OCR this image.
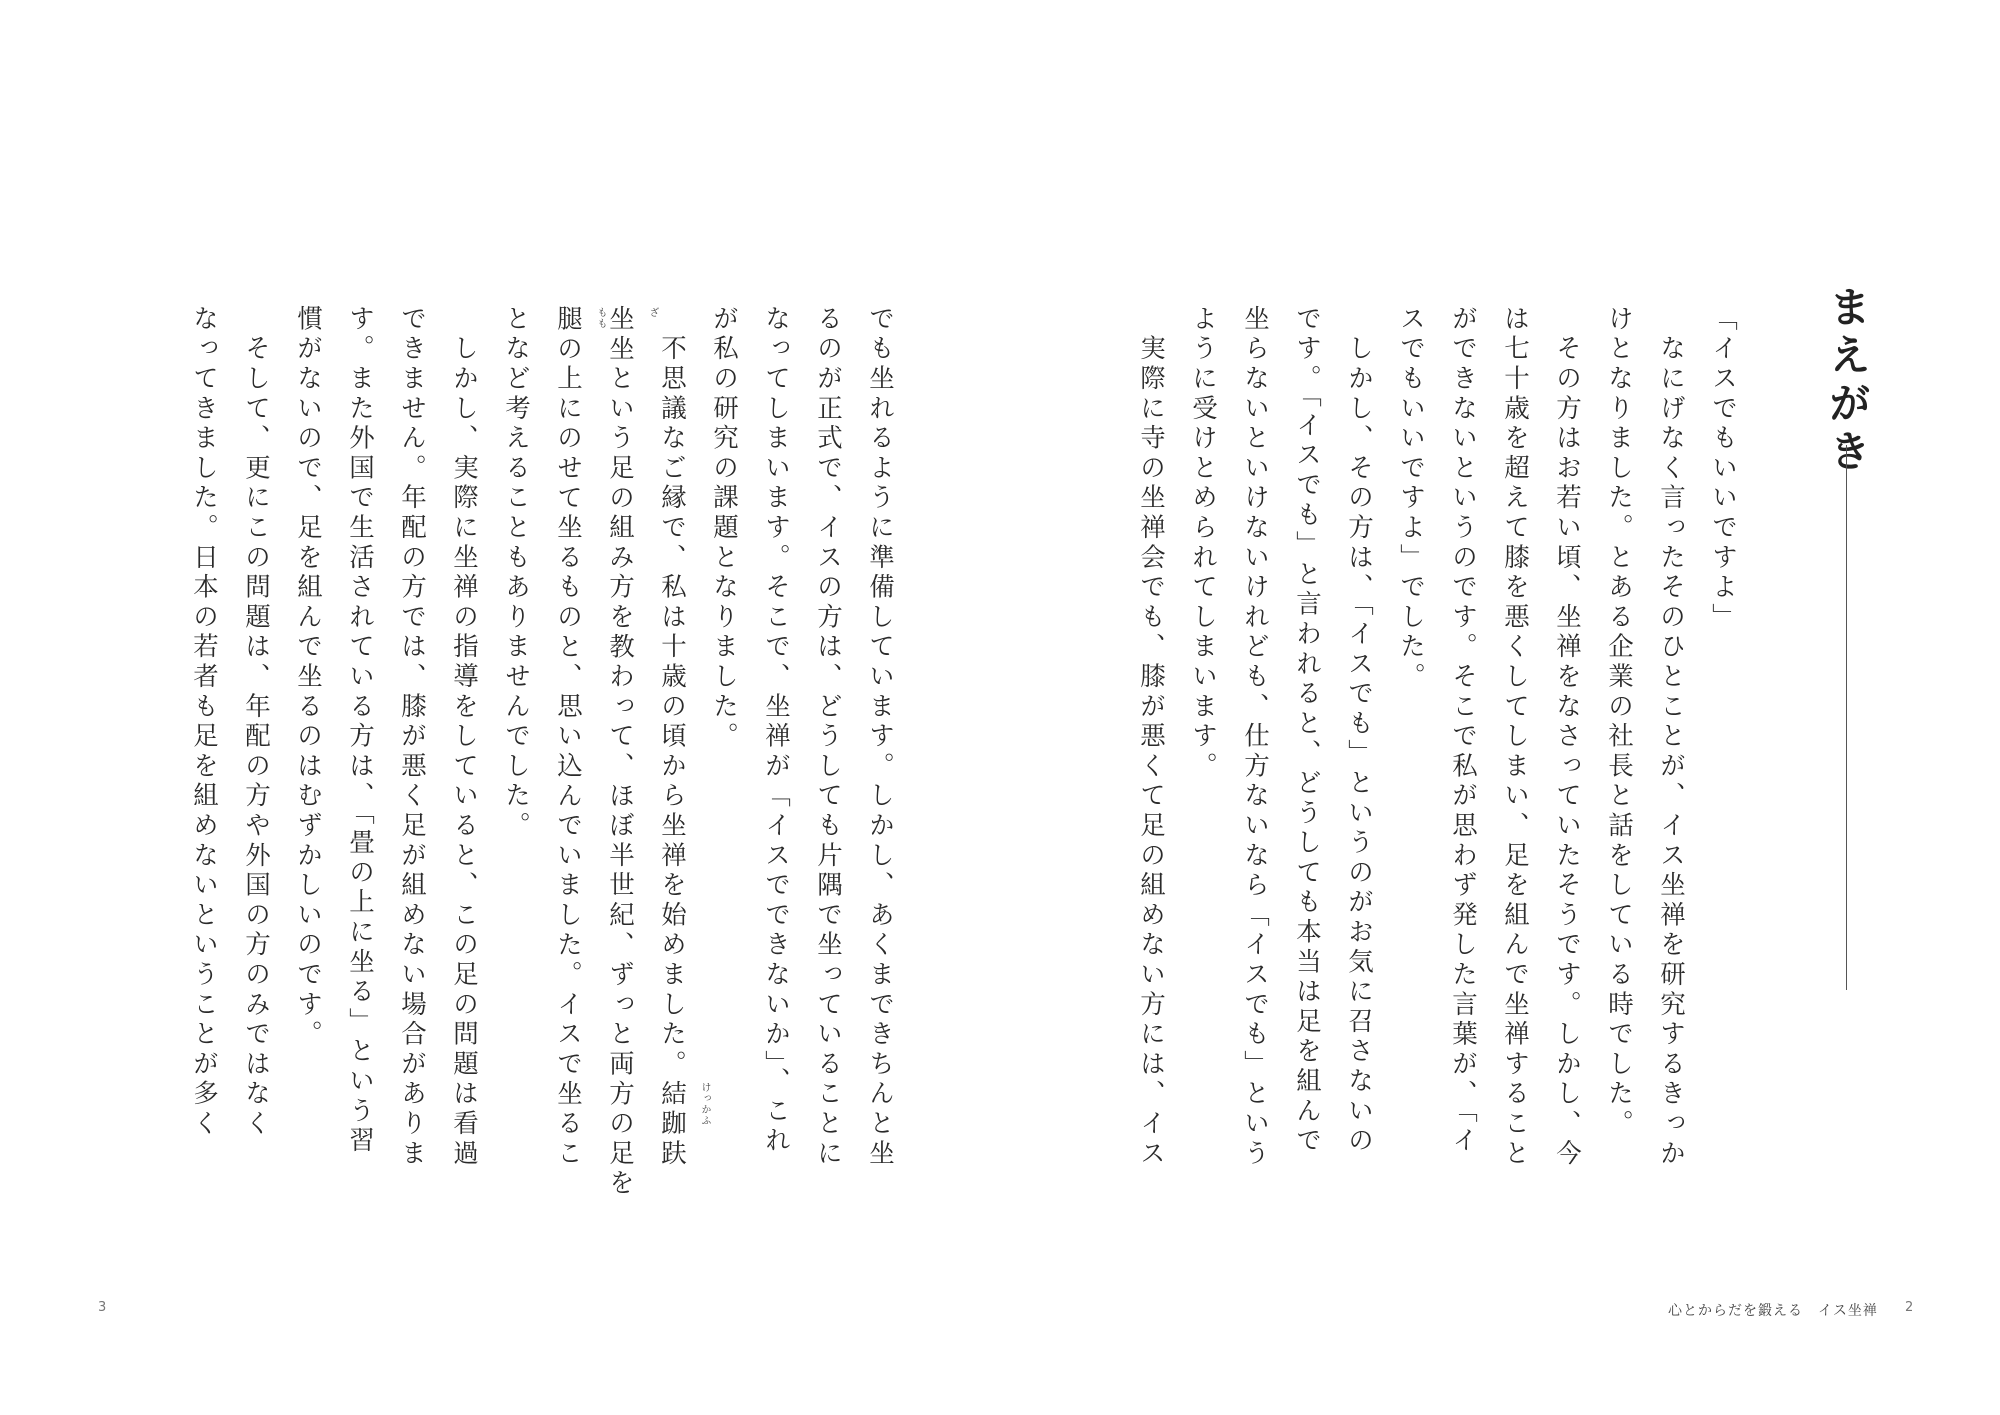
まえがき

「イスでもいいですよ」

　なにげなく言ったそのひとことが、イス坐禅を研究するきっか

けとなりました。とある企業の社長と話をしている時でした。

　その方はお若い頃、坐禅をなさっていたそうです。しかし、今

は七十歳を超えて膝を悪くしてしまい、足を組んで坐禅すること

ができないというのです。そこで私が思わず発した言葉が、「イ

スでもいいですよ」でした。

　しかし、その方は、「イスでも」というのがお気に召さないの

です。「イスでも」と言われると、どうしても本当は足を組んで

坐らないといけないけれども、仕方ないなら「イスでも」という

ように受けとめられてしまいます。

　実際に寺の坐禅会でも、膝が悪くて足の組めない方には、イス

でも坐れるように準備しています。しかし、あくまできちんと坐

るのが正式で、イスの方は、どうしても片隅で坐っていることに

なってしまいます。そこで、坐禅が「イスでできないか」、これ

が私の研究の課題となりました。

　不思議なご縁で、私は十歳の頃から坐禅を始めました。結跏趺 けっかふ

坐 ざ
坐という足の組み方を教わって、ほぼ半世紀、ずっと両方の足を

腿 もも
の上にのせて坐るものと、思い込んでいました。イスで坐るこ

となど考えることもありませんでした。

　しかし、実際に坐禅の指導をしていると、この足の問題は看過

できません。年配の方では、膝が悪く足が組めない場合がありま

す。また外国で生活されている方は、「畳の上に坐る」という習

慣がないので、足を組んで坐るのはむずかしいのです。

　そして、更にこの問題は、年配の方や外国の方のみではなく

なってきました。日本の若者も足を組めないということが多く

3	心とからだを鍛える　イス坐禅 2
